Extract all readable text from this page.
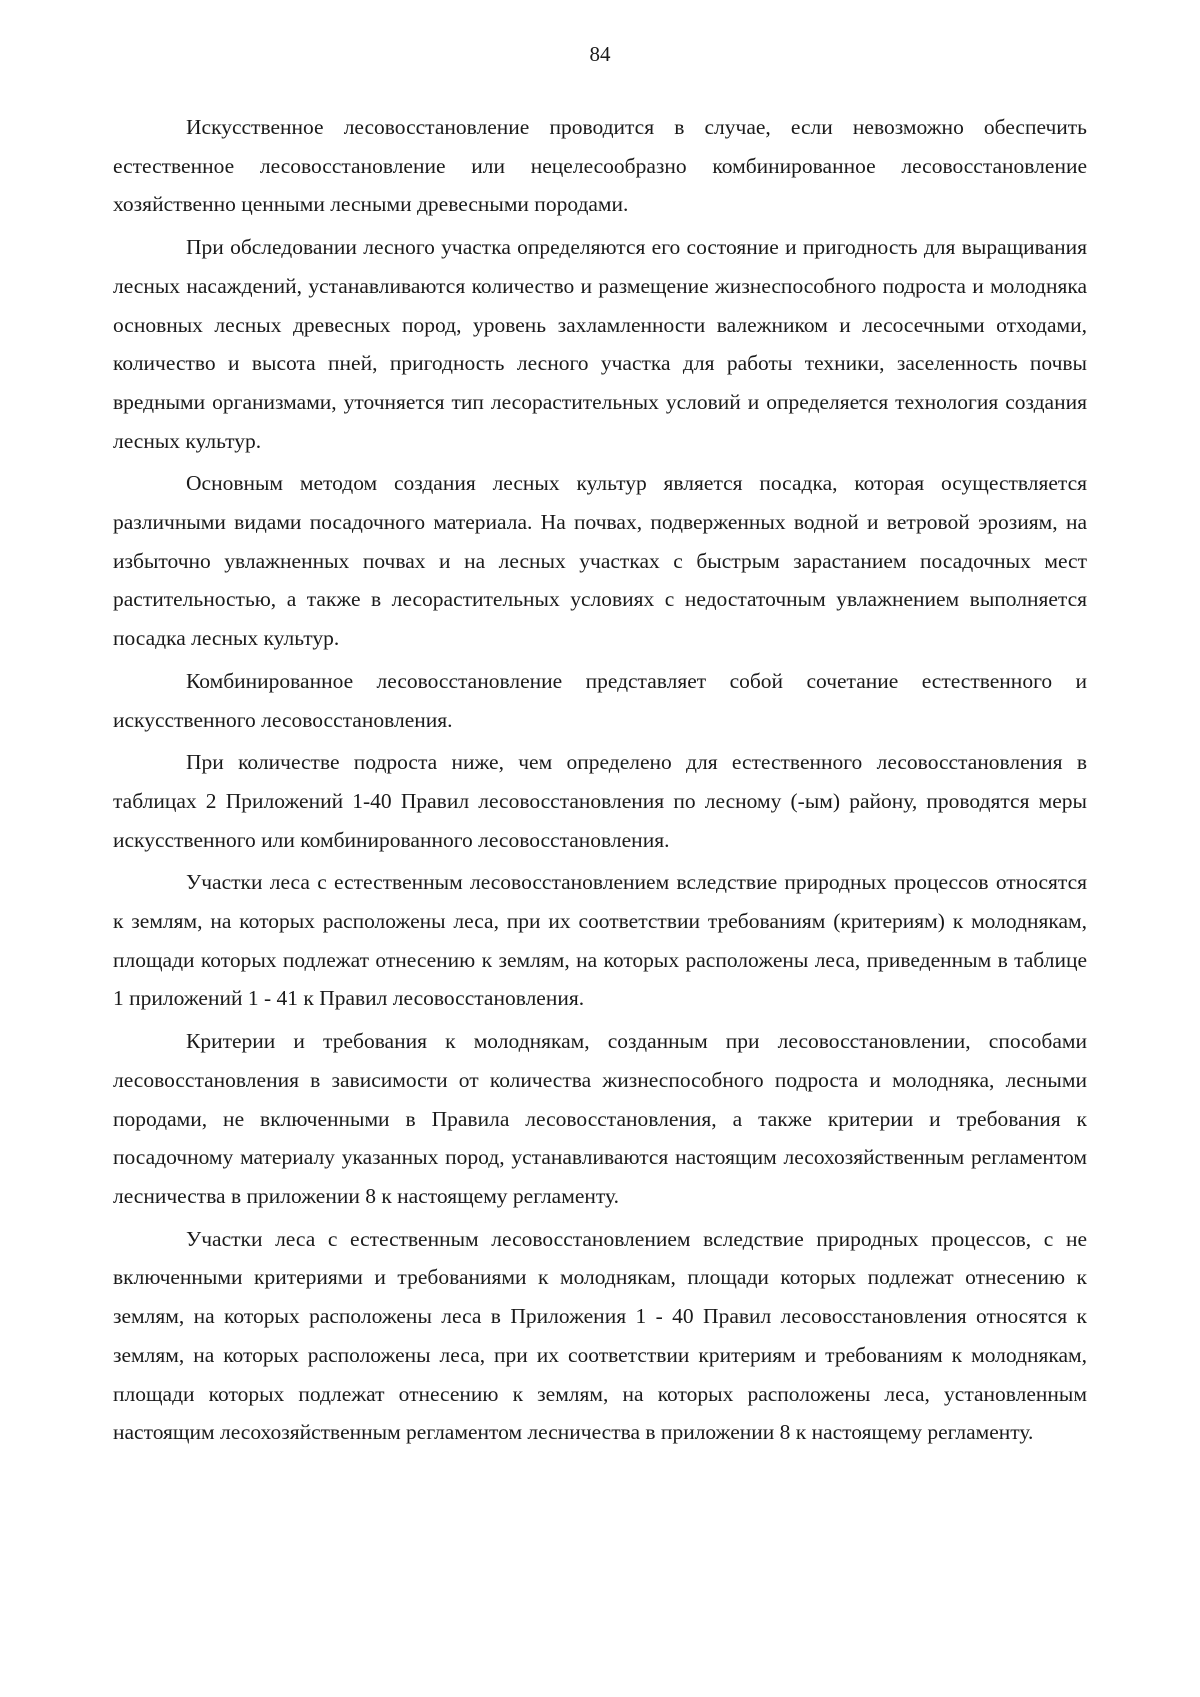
84

Искусственное лесовосстановление проводится в случае, если невозможно обеспечить естественное лесовосстановление или нецелесообразно комбинированное лесовосстановление хозяйственно ценными лесными древесными породами.

При обследовании лесного участка определяются его состояние и пригодность для выращивания лесных насаждений, устанавливаются количество и размещение жизнеспособного подроста и молодняка основных лесных древесных пород, уровень захламленности валежником и лесосечными отходами, количество и высота пней, пригодность лесного участка для работы техники, заселенность почвы вредными организмами, уточняется тип лесорастительных условий и определяется технология создания лесных культур.

Основным методом создания лесных культур является посадка, которая осуществляется различными видами посадочного материала. На почвах, подверженных водной и ветровой эрозиям, на избыточно увлажненных почвах и на лесных участках с быстрым зарастанием посадочных мест растительностью, а также в лесорастительных условиях с недостаточным увлажнением выполняется посадка лесных культур.

Комбинированное лесовосстановление представляет собой сочетание естественного и искусственного лесовосстановления.

При количестве подроста ниже, чем определено для естественного лесовосстановления в таблицах 2 Приложений 1-40 Правил лесовосстановления по лесному (-ым) району, проводятся меры искусственного или комбинированного лесовосстановления.

Участки леса с естественным лесовосстановлением вследствие природных процессов относятся к землям, на которых расположены леса, при их соответствии требованиям (критериям) к молоднякам, площади которых подлежат отнесению к землям, на которых расположены леса, приведенным в таблице 1 приложений 1 - 41 к Правил лесовосстановления.

Критерии и требования к молоднякам, созданным при лесовосстановлении, способами лесовосстановления в зависимости от количества жизнеспособного подроста и молодняка, лесными породами, не включенными в Правила лесовосстановления, а также критерии и требования к посадочному материалу указанных пород, устанавливаются настоящим лесохозяйственным регламентом лесничества в приложении 8 к настоящему регламенту.

Участки леса с естественным лесовосстановлением вследствие природных процессов, с не включенными критериями и требованиями к молоднякам, площади которых подлежат отнесению к землям, на которых расположены леса в Приложения 1 - 40 Правил лесовосстановления относятся к землям, на которых расположены леса, при их соответствии критериям и требованиям к молоднякам, площади которых подлежат отнесению к землям, на которых расположены леса, установленным настоящим лесохозяйственным регламентом лесничества в приложении 8 к настоящему регламенту.
